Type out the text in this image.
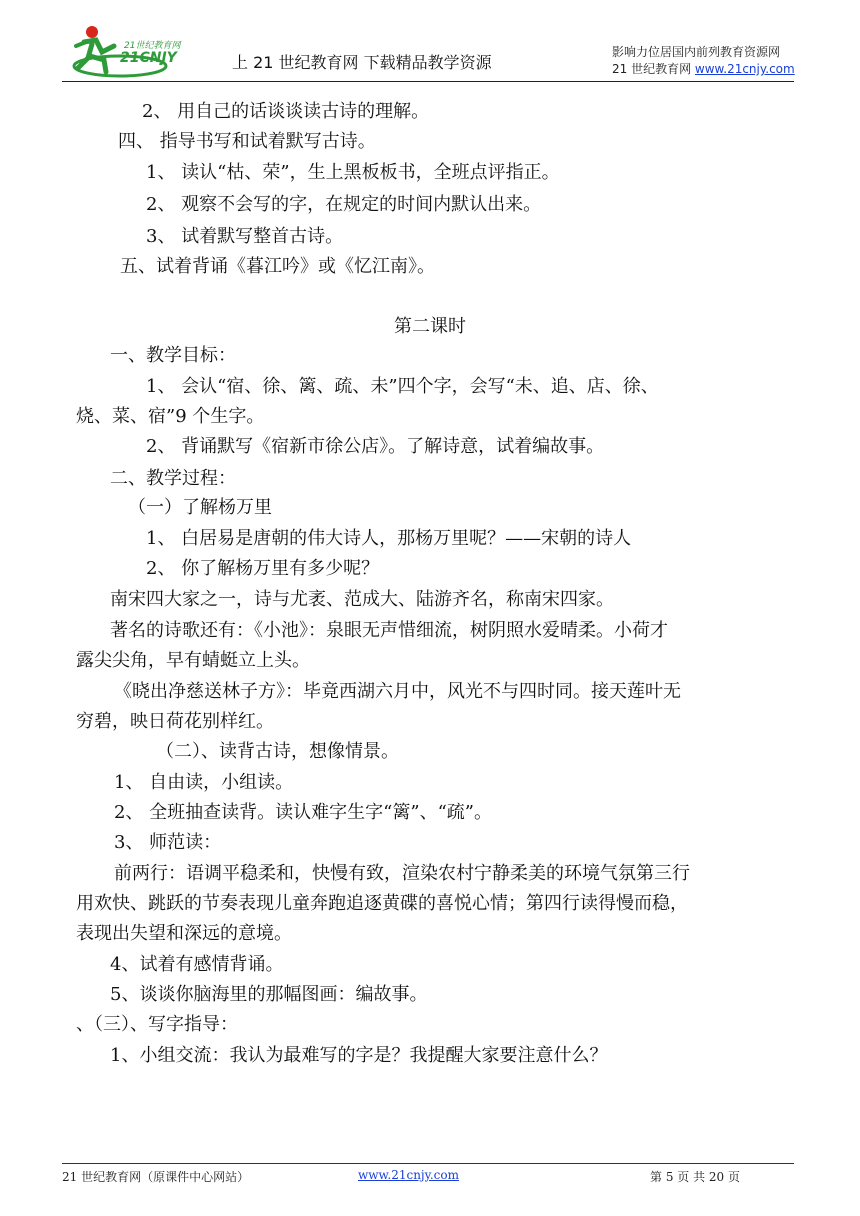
21世纪教育网
21CNJY	上 21 世纪教育网 下载精品教学资源
影响力位居国内前列教育资源网
21 世纪教育网 www.21cnjy.com
2、 用自己的话谈谈读古诗的理解。
四、 指导书写和试着默写古诗。
1、 读认“枯、荣”，生上黑板板书，全班点评指正。
2、 观察不会写的字，在规定的时间内默认出来。
3、 试着默写整首古诗。
五、试着背诵《暮江吟》或《忆江南》。
第二课时
一、教学目标：
1、 会认“宿、徐、篱、疏、未”四个字，会写“未、追、店、徐、
烧、菜、宿”9 个生字。
2、 背诵默写《宿新市徐公店》。了解诗意，试着编故事。
二、教学过程：
（一）了解杨万里
1、 白居易是唐朝的伟大诗人，那杨万里呢？——宋朝的诗人
2、 你了解杨万里有多少呢？
南宋四大家之一，诗与尤袤、范成大、陆游齐名，称南宋四家。
著名的诗歌还有：《小池》：泉眼无声惜细流，树阴照水爱晴柔。小荷才
露尖尖角，早有蜻蜓立上头。
《晓出净慈送林子方》：毕竟西湖六月中，风光不与四时同。接天莲叶无
穷碧，映日荷花别样红。
（二）、读背古诗，想像情景。
1、 自由读，小组读。
2、 全班抽查读背。读认难字生字“篱”、“疏”。
3、 师范读：
前两行：语调平稳柔和，快慢有致，渲染农村宁静柔美的环境气氛第三行
用欢快、跳跃的节奏表现儿童奔跑追逐黄碟的喜悦心情；第四行读得慢而稳，
表现出失望和深远的意境。
4、试着有感情背诵。
5、谈谈你脑海里的那幅图画：编故事。
、（三）、写字指导：
1、小组交流：我认为最难写的字是？我提醒大家要注意什么？
21 世纪教育网（原课件中心网站）	www.21cnjy.com	第 5 页 共 20 页
